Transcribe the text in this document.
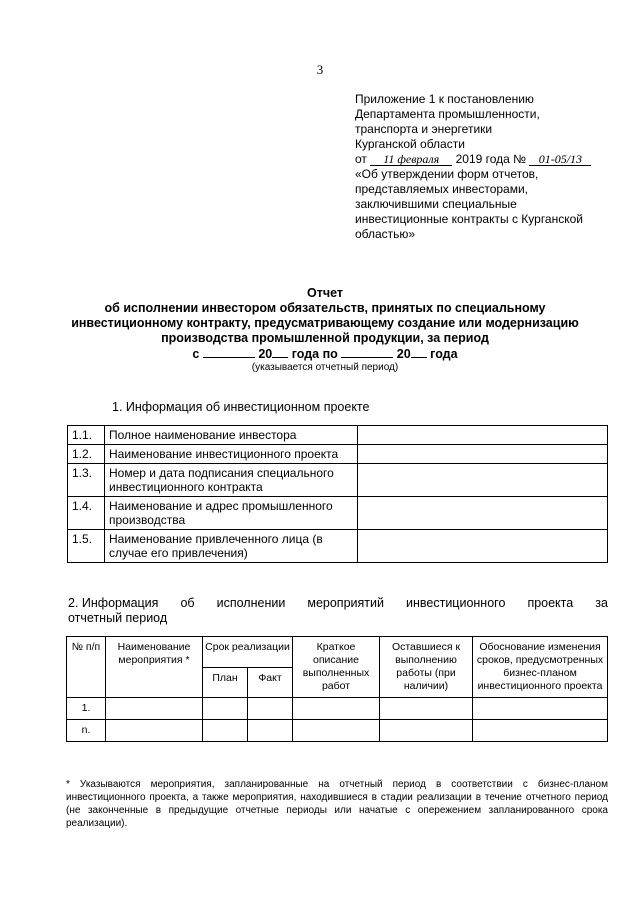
3
Приложение 1 к постановлению
Департамента промышленности,
транспорта и энергетики
Курганской области
от 11 февраля 2019 года № 01-05/13
«Об утверждении форм отчетов,
представляемых инвесторами,
заключившими специальные
инвестиционные контракты с Курганской
областью»
Отчет
об исполнении инвестором обязательств, принятых по специальному
инвестиционному контракту, предусматривающему создание или модернизацию
производства промышленной продукции, за период
с	20 года по	20 года
(указывается отчетный период)
1. Информация об инвестиционном проекте
1.1.	Полное наименование инвестора	
1.2.	Наименование инвестиционного проекта	
1.3.	Номер и дата подписания специального инвестиционного контракта	
1.4.	Наименование и адрес промышленного производства	
1.5.	Наименование привлеченного лица (в случае его привлечения)	
2. Информация об исполнении мероприятий инвестиционного проекта за
отчетный период
№ п/п	Наименование мероприятия *	Срок реализации		Краткое описание выполненных работ	Оставшиеся к выполнению работы (при наличии)	Обоснование изменения сроков, предусмотренных бизнес-планом инвестиционного проекта
		План	Факт			
1.						
n.						
* Указываются мероприятия, запланированные на отчетный период в соответствии с бизнес-планом инвестиционного проекта, а также мероприятия, находившиеся в стадии реализации в течение отчетного период (не законченные в предыдущие отчетные периоды или начатые с опережением запланированного срока реализации).
